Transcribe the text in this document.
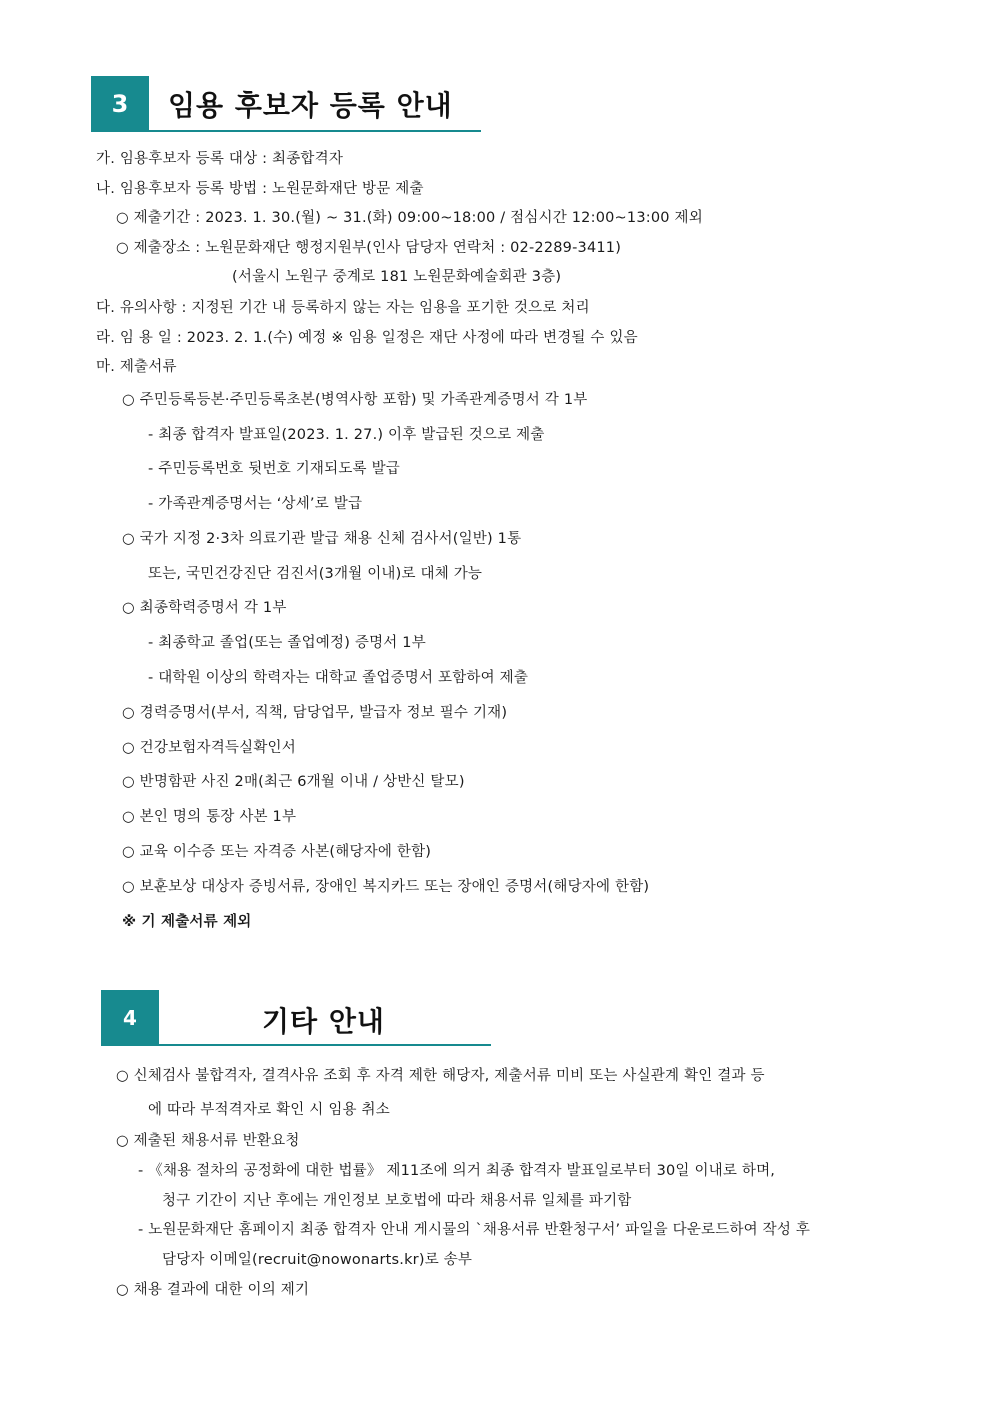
3 임용 후보자 등록 안내
가. 임용후보자 등록 대상 : 최종합격자
나. 임용후보자 등록 방법 : 노원문화재단 방문 제출
○ 제출기간 : 2023. 1. 30.(월) ~ 31.(화) 09:00~18:00 / 점심시간 12:00~13:00 제외
○ 제출장소 : 노원문화재단 행정지원부(인사 담당자 연락처 : 02-2289-3411)
(서울시 노원구 중계로 181 노원문화예술회관 3층)
다. 유의사항 : 지정된 기간 내 등록하지 않는 자는 임용을 포기한 것으로 처리
라. 임 용 일 : 2023. 2. 1.(수) 예정 ※ 임용 일정은 재단 사정에 따라 변경될 수 있음
마. 제출서류
○ 주민등록등본·주민등록초본(병역사항 포함) 및 가족관계증명서 각 1부
- 최종 합격자 발표일(2023. 1. 27.) 이후 발급된 것으로 제출
- 주민등록번호 뒷번호 기재되도록 발급
- 가족관계증명서는 ‘상세’로 발급
○ 국가 지정 2·3차 의료기관 발급 채용 신체 검사서(일반) 1통
또는, 국민건강진단 검진서(3개월 이내)로 대체 가능
○ 최종학력증명서 각 1부
- 최종학교 졸업(또는 졸업예정) 증명서 1부
- 대학원 이상의 학력자는 대학교 졸업증명서 포함하여 제출
○ 경력증명서(부서, 직책, 담당업무, 발급자 정보 필수 기재)
○ 건강보험자격득실확인서
○ 반명함판 사진 2매(최근 6개월 이내 / 상반신 탈모)
○ 본인 명의 통장 사본 1부
○ 교육 이수증 또는 자격증 사본(해당자에 한함)
○ 보훈보상 대상자 증빙서류, 장애인 복지카드 또는 장애인 증명서(해당자에 한함)
※ 기 제출서류 제외
4	기타 안내
○ 신체검사 불합격자, 결격사유 조회 후 자격 제한 해당자, 제출서류 미비 또는 사실관계 확인 결과 등
에 따라 부적격자로 확인 시 임용 취소
○ 제출된 채용서류 반환요청
- 《채용 절차의 공정화에 대한 법률》 제11조에 의거 최종 합격자 발표일로부터 30일 이내로 하며,
청구 기간이 지난 후에는 개인정보 보호법에 따라 채용서류 일체를 파기함
- 노원문화재단 홈페이지 최종 합격자 안내 게시물의 `채용서류 반환청구서’ 파일을 다운로드하여 작성 후
담당자 이메일(recruit@nowonarts.kr)로 송부
○ 채용 결과에 대한 이의 제기
